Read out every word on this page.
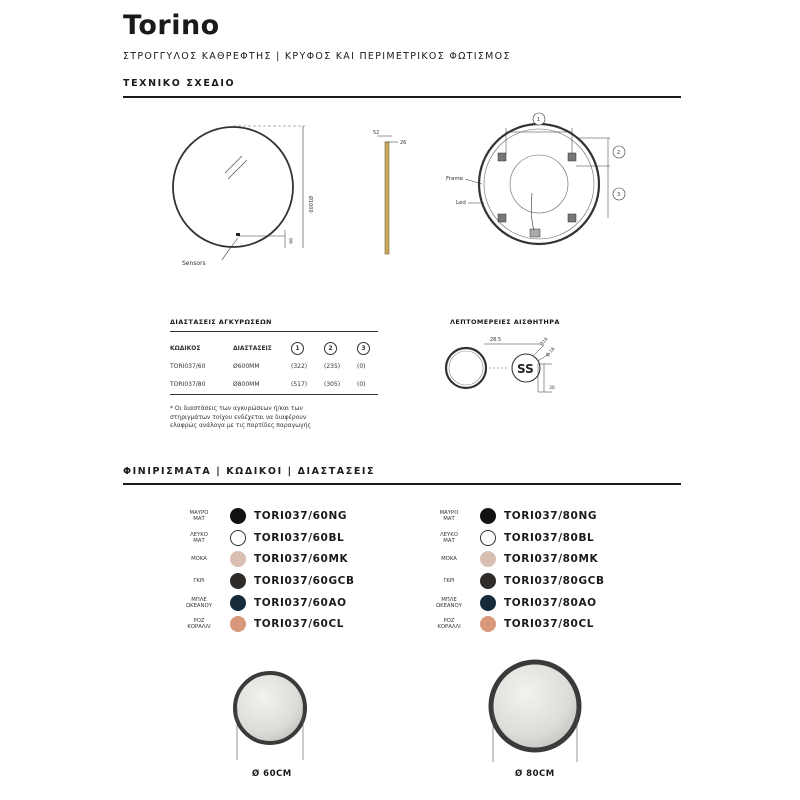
Torino
ΣΤΡΟΓΓΥΛΟΣ ΚΑΘΡΕΦΤΗΣ | ΚΡΥΦΟΣ ΚΑΙ ΠΕΡΙΜΕΤΡΙΚΟΣ ΦΩΤΙΣΜΟΣ
ΤΕΧΝΙΚΟ ΣΧΕΔΙΟ
Ø1000
99
Sensors
52
26
1
2
3
Frame
Led
ΔΙΑΣΤΑΣΕΙΣ ΑΓΚΥΡΩΣΕΩΝ
ΚΩΔΙΚΟΣ	ΔΙΑΣΤΑΣΕΙΣ	1	2	3
TORI037/60	Ø600MM	(322)	(235)	(0)
TORI037/80	Ø800MM	(517)	(305)	(0)
* Οι διαστάσεις των αγκυρώσεων ή/και των
στηριγμάτων τοίχου ενδέχεται να διαφέρουν
ελαφρώς ανάλογα με τις παρτίδες παραγωγής
ΛΕΠΤΟΜΕΡΕΙΕΣ ΑΙΣΘΗΤΗΡΑ
28.5
SS
Ø16
Ø 16
30
ΦΙΝΙΡΙΣΜΑΤΑ | ΚΩΔΙΚΟΙ | ΔΙΑΣΤΑΣΕΙΣ
ΜΑΥΡΟ
ΜΑΤ	TORI037/60NG
ΛΕΥΚΟ
ΜΑΤ	TORI037/60BL
ΜΟΚΑ	TORI037/60MK
ΓΚΡΙ	TORI037/60GCB
ΜΠΛΕ
ΩΚΕΑΝΟΥ	TORI037/60AO
ΡΟΖ
ΚΟΡΑΛΛΙ	TORI037/60CL
ΜΑΥΡΟ
ΜΑΤ	TORI037/80NG
ΛΕΥΚΟ
ΜΑΤ	TORI037/80BL
ΜΟΚΑ	TORI037/80MK
ΓΚΡΙ	TORI037/80GCB
ΜΠΛΕ
ΩΚΕΑΝΟΥ	TORI037/80AO
ΡΟΖ
ΚΟΡΑΛΛΙ	TORI037/80CL
Ø 60CM	Ø 80CM
